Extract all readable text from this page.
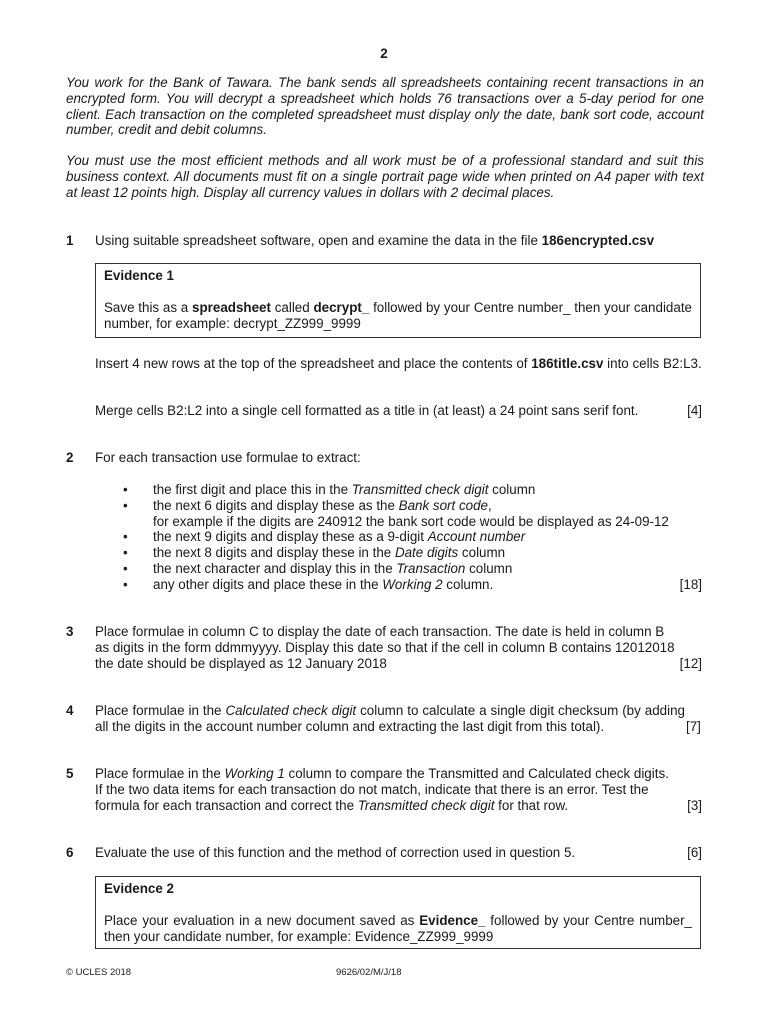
2

You work for the Bank of Tawara. The bank sends all spreadsheets containing recent transactions in an encrypted form. You will decrypt a spreadsheet which holds 76 transactions over a 5-day period for one client. Each transaction on the completed spreadsheet must display only the date, bank sort code, account number, credit and debit columns.

You must use the most efficient methods and all work must be of a professional standard and suit this business context. All documents must fit on a single portrait page wide when printed on A4 paper with text at least 12 points high. Display all currency values in dollars with 2 decimal places.

1	Using suitable spreadsheet software, open and examine the data in the file 186encrypted.csv
Evidence 1
Save this as a spreadsheet called decrypt_ followed by your Centre number_ then your candidate number, for example: decrypt_ZZ999_9999
Insert 4 new rows at the top of the spreadsheet and place the contents of 186title.csv into cells B2:L3.
Merge cells B2:L2 into a single cell formatted as a title in (at least) a 24 point sans serif font.	[4]
2	For each transaction use formulae to extract:
• the first digit and place this in the Transmitted check digit column
• the next 6 digits and display these as the Bank sort code,
for example if the digits are 240912 the bank sort code would be displayed as 24-09-12
• the next 9 digits and display these as a 9-digit Account number
• the next 8 digits and display these in the Date digits column
• the next character and display this in the Transaction column
• any other digits and place these in the Working 2 column.	[18]
3	Place formulae in column C to display the date of each transaction. The date is held in column B
as digits in the form ddmmyyyy. Display this date so that if the cell in column B contains 12012018
the date should be displayed as 12 January 2018	[12]
4	Place formulae in the Calculated check digit column to calculate a single digit checksum (by adding all the digits in the account number column and extracting the last digit from this total).	[7]
5	Place formulae in the Working 1 column to compare the Transmitted and Calculated check digits.
If the two data items for each transaction do not match, indicate that there is an error. Test the
formula for each transaction and correct the Transmitted check digit for that row.	[3]
6	Evaluate the use of this function and the method of correction used in question 5.	[6]
Evidence 2
Place your evaluation in a new document saved as Evidence_ followed by your Centre number_ then your candidate number, for example: Evidence_ZZ999_9999
© UCLES 2018	9626/02/M/J/18
